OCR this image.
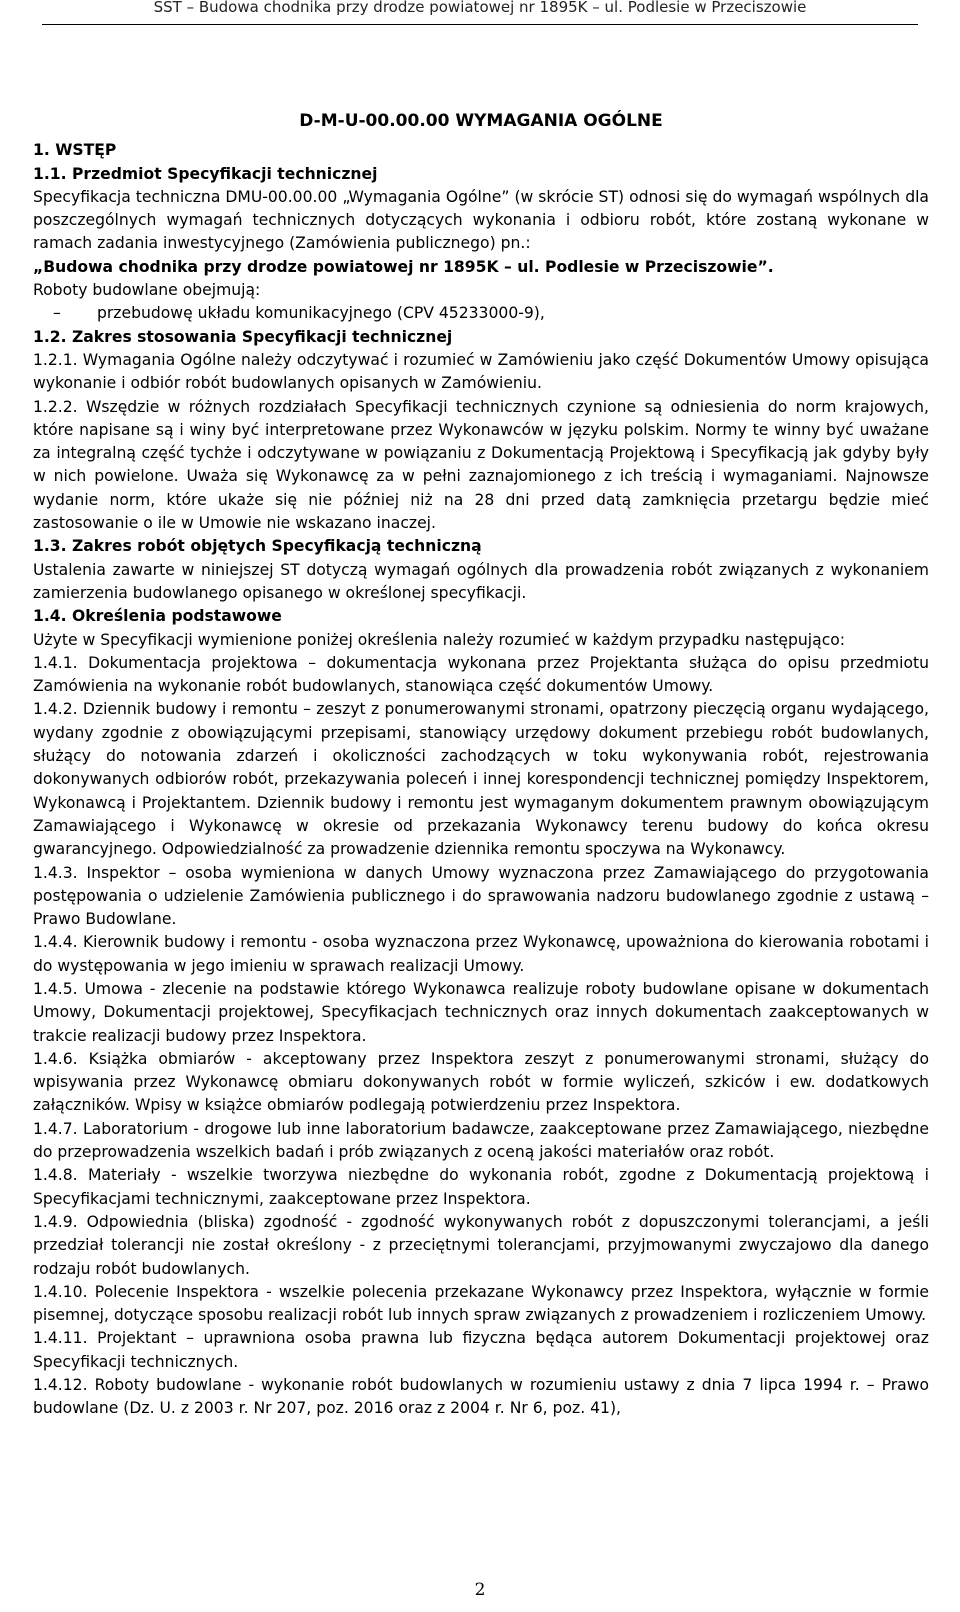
SST – Budowa chodnika przy drodze powiatowej nr 1895K – ul. Podlesie w Przeciszowie

D-M-U-00.00.00 WYMAGANIA OGÓLNE

1. WSTĘP

1.1. Przedmiot Specyfikacji technicznej

Specyfikacja techniczna DMU-00.00.00 „Wymagania Ogólne” (w skrócie ST) odnosi się do wymagań wspólnych dla poszczególnych wymagań technicznych dotyczących wykonania i odbioru robót, które zostaną wykonane w ramach zadania inwestycyjnego (Zamówienia publicznego) pn.:
„Budowa chodnika przy drodze powiatowej nr 1895K – ul. Podlesie w Przeciszowie”.

Roboty budowlane obejmują:

– przebudowę układu komunikacyjnego (CPV 45233000-9),

1.2. Zakres stosowania Specyfikacji technicznej

1.2.1. Wymagania Ogólne należy odczytywać i rozumieć w Zamówieniu jako część Dokumentów Umowy opisująca wykonanie i odbiór robót budowlanych opisanych w Zamówieniu.

1.2.2. Wszędzie w różnych rozdziałach Specyfikacji technicznych czynione są odniesienia do norm krajowych, które napisane są i winy być interpretowane przez Wykonawców w języku polskim. Normy te winny być uważane za integralną część tychże i odczytywane w powiązaniu z Dokumentacją Projektową i Specyfikacją jak gdyby były w nich powielone. Uważa się Wykonawcę za w pełni zaznajomionego z ich treścią i wymaganiami. Najnowsze wydanie norm, które ukaże się nie później niż na 28 dni przed datą zamknięcia przetargu będzie mieć zastosowanie o ile w Umowie nie wskazano inaczej.

1.3. Zakres robót objętych Specyfikacją techniczną

Ustalenia zawarte w niniejszej ST dotyczą wymagań ogólnych dla prowadzenia robót związanych z wykonaniem zamierzenia budowlanego opisanego w określonej specyfikacji.

1.4. Określenia podstawowe

Użyte w Specyfikacji wymienione poniżej określenia należy rozumieć w każdym przypadku następująco:

1.4.1. Dokumentacja projektowa – dokumentacja wykonana przez Projektanta służąca do opisu przedmiotu Zamówienia na wykonanie robót budowlanych, stanowiąca część dokumentów Umowy.

1.4.2. Dziennik budowy i remontu – zeszyt z ponumerowanymi stronami, opatrzony pieczęcią organu wydającego, wydany zgodnie z obowiązującymi przepisami, stanowiący urzędowy dokument przebiegu robót budowlanych, służący do notowania zdarzeń i okoliczności zachodzących w toku wykonywania robót, rejestrowania dokonywanych odbiorów robót, przekazywania poleceń i innej korespondencji technicznej pomiędzy Inspektorem, Wykonawcą i Projektantem. Dziennik budowy i remontu jest wymaganym dokumentem prawnym obowiązującym Zamawiającego i Wykonawcę w okresie od przekazania Wykonawcy terenu budowy do końca okresu gwarancyjnego. Odpowiedzialność za prowadzenie dziennika remontu spoczywa na Wykonawcy.

1.4.3. Inspektor – osoba wymieniona w danych Umowy wyznaczona przez Zamawiającego do przygotowania postępowania o udzielenie Zamówienia publicznego i do sprawowania nadzoru budowlanego zgodnie z ustawą – Prawo Budowlane.

1.4.4. Kierownik budowy i remontu - osoba wyznaczona przez Wykonawcę, upoważniona do kierowania robotami i do występowania w jego imieniu w sprawach realizacji Umowy.

1.4.5. Umowa - zlecenie na podstawie którego Wykonawca realizuje roboty budowlane opisane w dokumentach Umowy, Dokumentacji projektowej, Specyfikacjach technicznych oraz innych dokumentach zaakceptowanych w trakcie realizacji budowy przez Inspektora.

1.4.6. Książka obmiarów - akceptowany przez Inspektora zeszyt z ponumerowanymi stronami, służący do wpisywania przez Wykonawcę obmiaru dokonywanych robót w formie wyliczeń, szkiców i ew. dodatkowych załączników. Wpisy w książce obmiarów podlegają potwierdzeniu przez Inspektora.

1.4.7. Laboratorium - drogowe lub inne laboratorium badawcze, zaakceptowane przez Zamawiającego, niezbędne do przeprowadzenia wszelkich badań i prób związanych z oceną jakości materiałów oraz robót.

1.4.8. Materiały - wszelkie tworzywa niezbędne do wykonania robót, zgodne z Dokumentacją projektową i Specyfikacjami technicznymi, zaakceptowane przez Inspektora.

1.4.9. Odpowiednia (bliska) zgodność - zgodność wykonywanych robót z dopuszczonymi tolerancjami, a jeśli przedział tolerancji nie został określony - z przeciętnymi tolerancjami, przyjmowanymi zwyczajowo dla danego rodzaju robót budowlanych.

1.4.10. Polecenie Inspektora - wszelkie polecenia przekazane Wykonawcy przez Inspektora, wyłącznie w formie pisemnej, dotyczące sposobu realizacji robót lub innych spraw związanych z prowadzeniem i rozliczeniem Umowy.

1.4.11. Projektant – uprawniona osoba prawna lub fizyczna będąca autorem Dokumentacji projektowej oraz Specyfikacji technicznych.

1.4.12. Roboty budowlane - wykonanie robót budowlanych w rozumieniu ustawy z dnia 7 lipca 1994 r. – Prawo budowlane (Dz. U. z 2003 r. Nr 207, poz. 2016 oraz z 2004 r. Nr 6, poz. 41),

2
